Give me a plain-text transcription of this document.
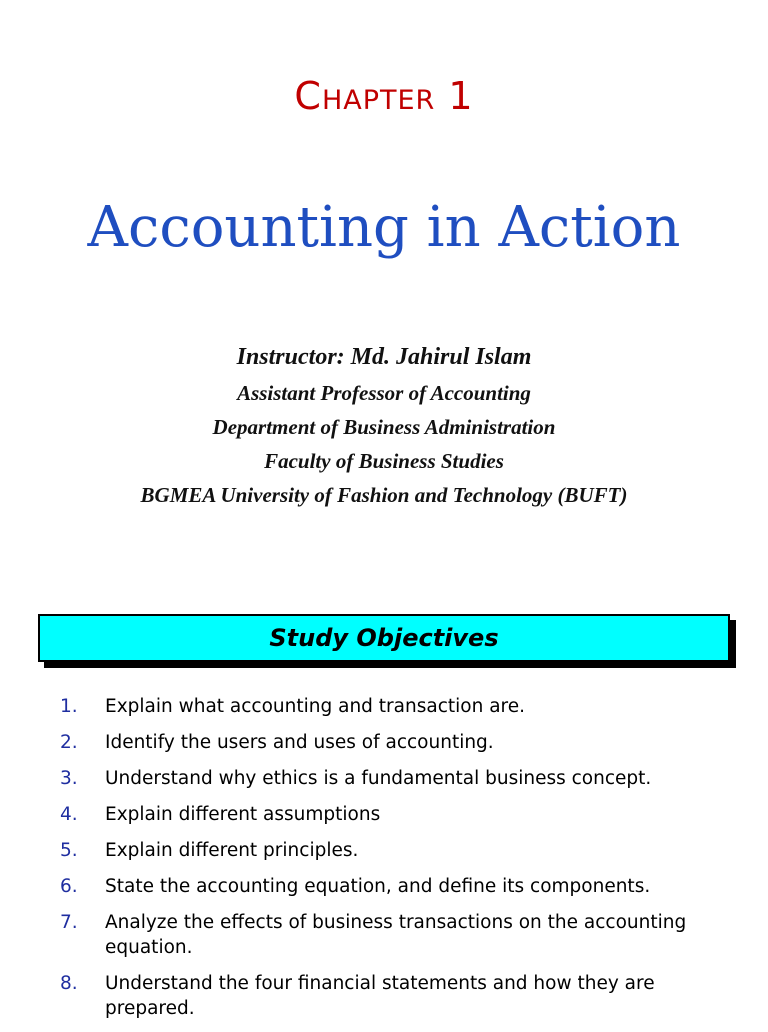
Chapter 1
Accounting in Action
Instructor: Md. Jahirul Islam
Assistant Professor of Accounting
Department of Business Administration
Faculty of Business Studies
BGMEA University of Fashion and Technology (BUFT)
Study Objectives
1.	Explain what accounting and transaction are.
2.	Identify the users and uses of accounting.
3.	Understand why ethics is a fundamental business concept.
4.	Explain different assumptions
5.	Explain different principles.
6.	State the accounting equation, and define its components.
7.	Analyze the effects of business transactions on the accounting equation.
8.	Understand the four financial statements and how they are prepared.
